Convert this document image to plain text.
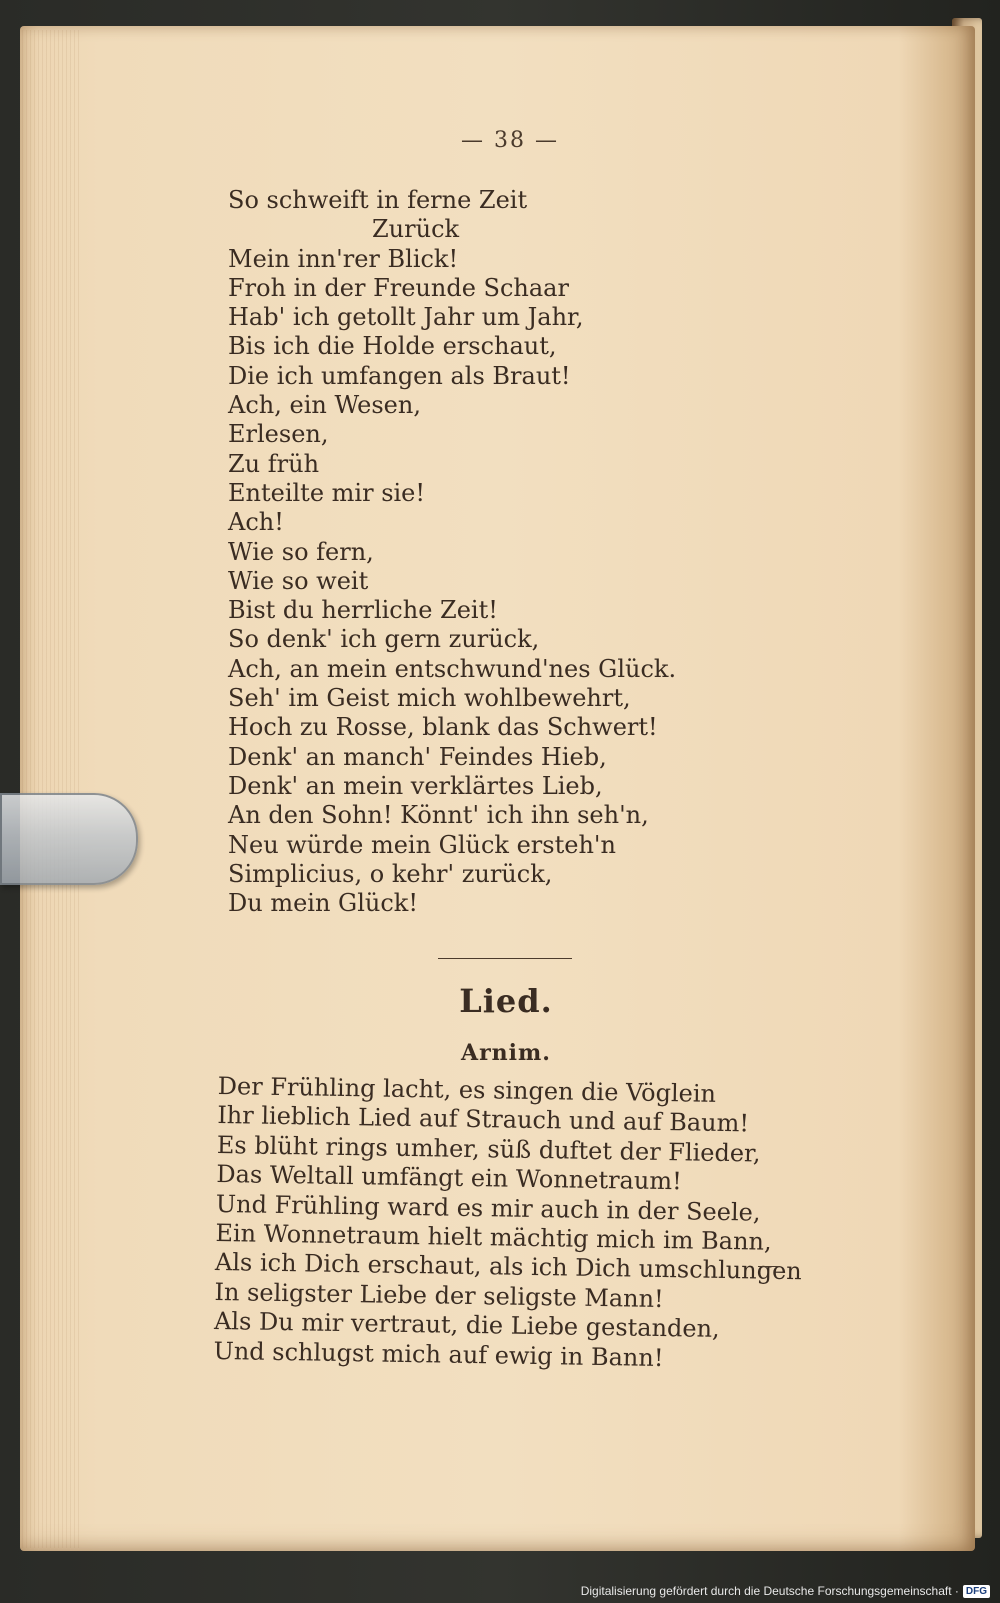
— 38 —
So schweift in ferne Zeit
Zurück
Mein inn'rer Blick!
Froh in der Freunde Schaar
Hab' ich getollt Jahr um Jahr,
Bis ich die Holde erschaut,
Die ich umfangen als Braut!
Ach, ein Wesen,
Erlesen,
Zu früh
Enteilte mir sie!
Ach!
Wie so fern,
Wie so weit
Bist du herrliche Zeit!
So denk' ich gern zurück,
Ach, an mein entschwund'nes Glück.
Seh' im Geist mich wohlbewehrt,
Hoch zu Rosse, blank das Schwert!
Denk' an manch' Feindes Hieb,
Denk' an mein verklärtes Lieb,
An den Sohn! Könnt' ich ihn seh'n,
Neu würde mein Glück ersteh'n
Simplicius, o kehr' zurück,
Du mein Glück!
Lied.
Arnim.
Der Frühling lacht, es singen die Vöglein
Ihr lieblich Lied auf Strauch und auf Baum!
Es blüht rings umher, süß duftet der Flieder,
Das Weltall umfängt ein Wonnetraum!
Und Frühling ward es mir auch in der Seele,
Ein Wonnetraum hielt mächtig mich im Bann,
Als ich Dich erschaut, als ich Dich umschlungen
In seligster Liebe der seligste Mann!
Als Du mir vertraut, die Liebe gestanden,
Und schlugst mich auf ewig in Bann!
Digitalisierung gefördert durch die Deutsche Forschungsgemeinschaft · DFG
